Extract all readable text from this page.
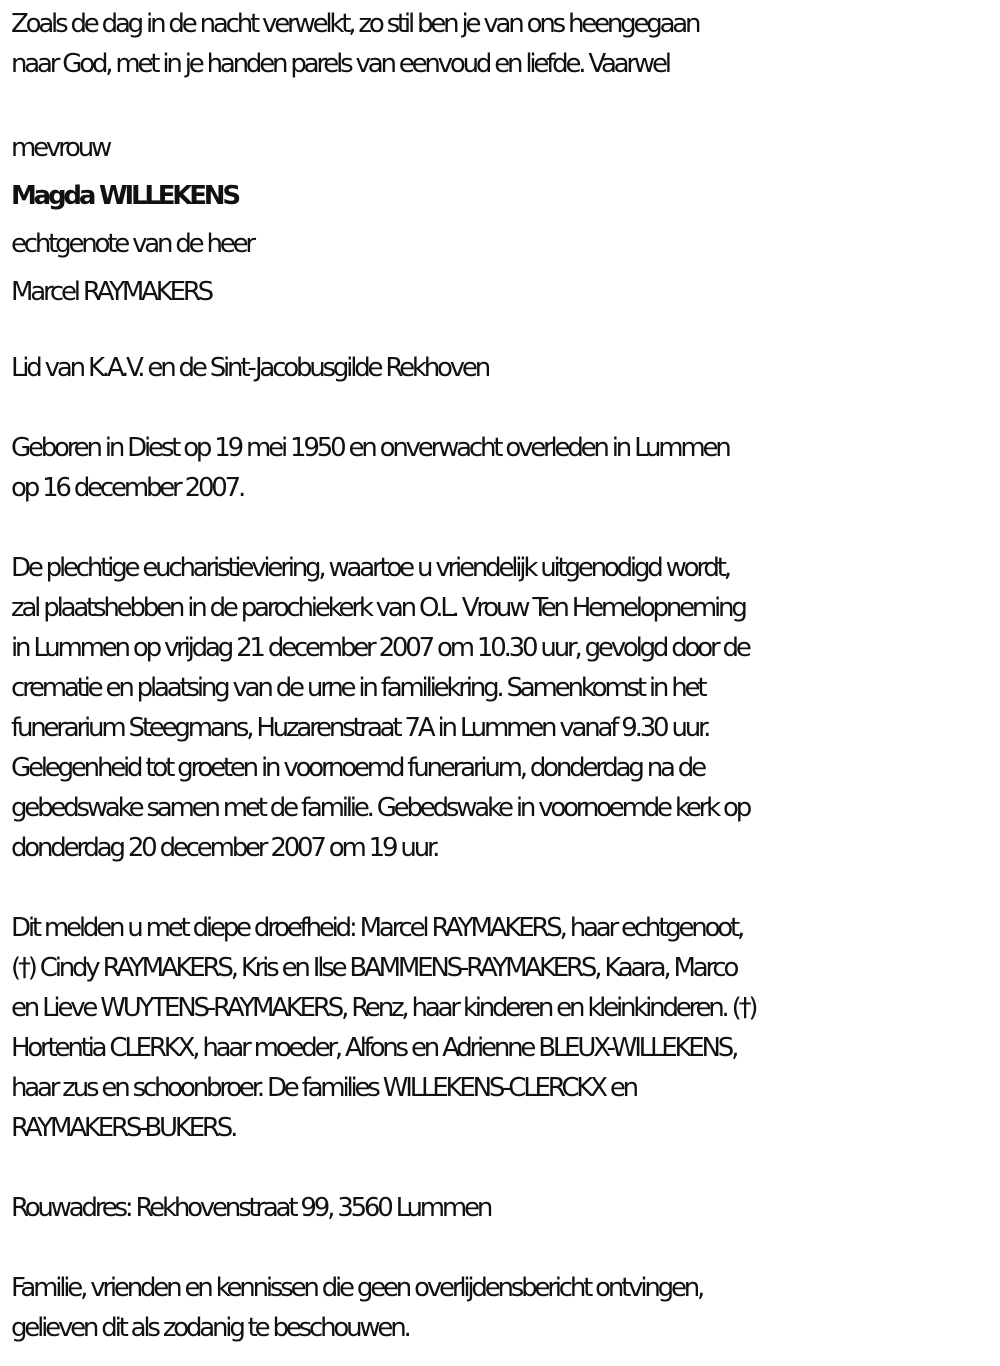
Zoals de dag in de nacht verwelkt, zo stil ben je van ons heengegaan
naar God, met in je handen parels van eenvoud en liefde. Vaarwel
mevrouw
Magda WILLEKENS
echtgenote van de heer
Marcel RAYMAKERS
Lid van K.A.V. en de Sint-Jacobusgilde Rekhoven
Geboren in Diest op 19 mei 1950 en onverwacht overleden in Lummen
op 16 december 2007.
De plechtige eucharistieviering, waartoe u vriendelijk uitgenodigd wordt,
zal plaatshebben in de parochiekerk van O.L. Vrouw Ten Hemelopneming
in Lummen op vrijdag 21 december 2007 om 10.30 uur, gevolgd door de
crematie en plaatsing van de urne in familiekring. Samenkomst in het
funerarium Steegmans, Huzarenstraat 7A in Lummen vanaf 9.30 uur.
Gelegenheid tot groeten in voornoemd funerarium, donderdag na de
gebedswake samen met de familie. Gebedswake in voornoemde kerk op
donderdag 20 december 2007 om 19 uur.
Dit melden u met diepe droefheid: Marcel RAYMAKERS, haar echtgenoot,
(†) Cindy RAYMAKERS, Kris en Ilse BAMMENS-RAYMAKERS, Kaara, Marco
en Lieve WUYTENS-RAYMAKERS, Renz, haar kinderen en kleinkinderen. (†)
Hortentia CLERKX, haar moeder, Alfons en Adrienne BLEUX-WILLEKENS,
haar zus en schoonbroer. De families WILLEKENS-CLERCKX en
RAYMAKERS-BUKERS.
Rouwadres: Rekhovenstraat 99, 3560 Lummen
Familie, vrienden en kennissen die geen overlijdensbericht ontvingen,
gelieven dit als zodanig te beschouwen.
